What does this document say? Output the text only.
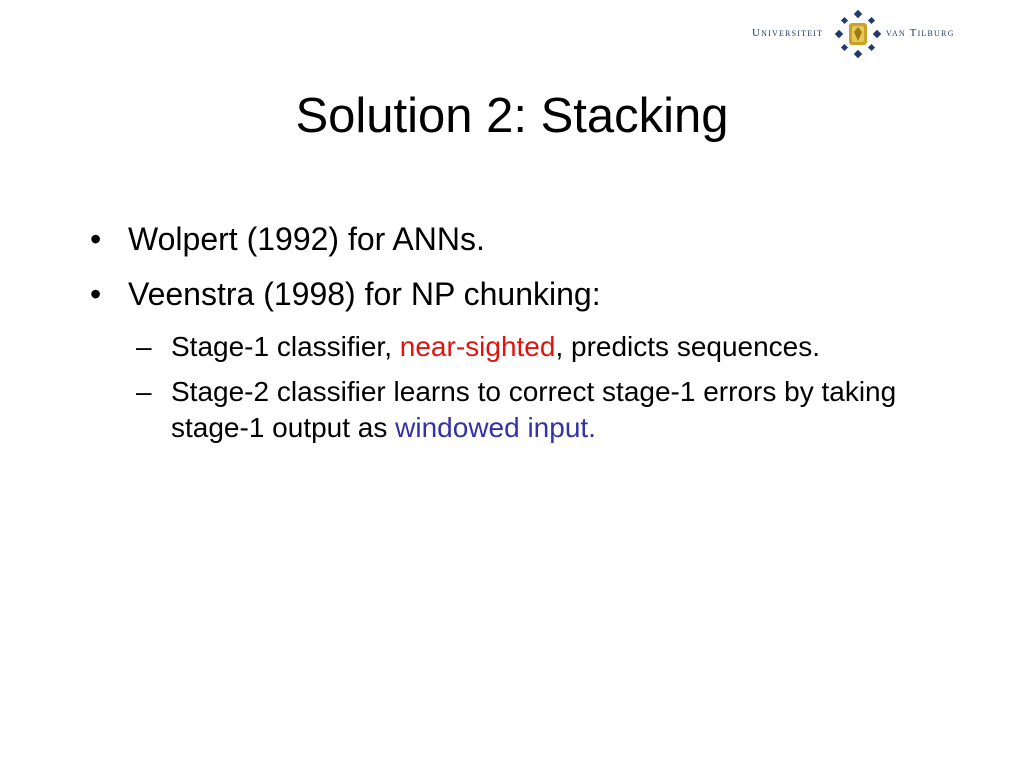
Universiteit	van Tilburg
Solution 2: Stacking
• Wolpert (1992) for ANNs.
• Veenstra (1998) for NP chunking:
– Stage-1 classifier, near-sighted, predicts sequences.
– Stage-2 classifier learns to correct stage-1 errors by taking stage-1 output as windowed input.
